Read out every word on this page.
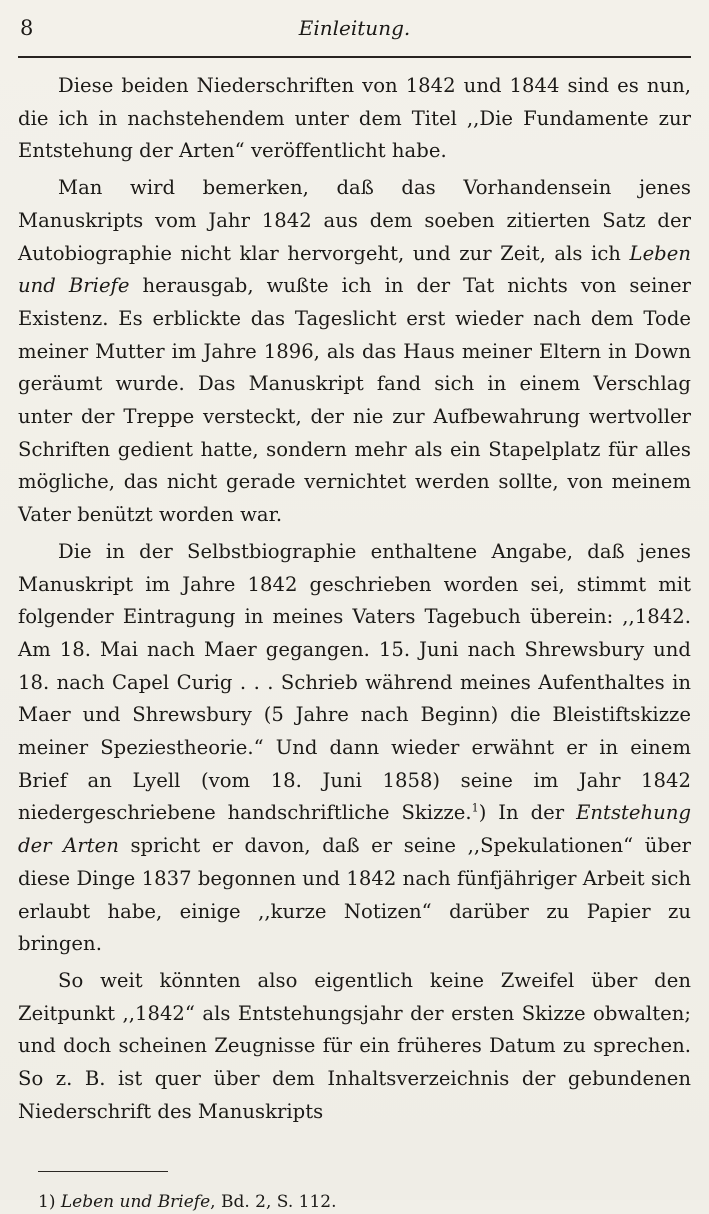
8	Einleitung.

Diese beiden Niederschriften von 1842 und 1844 sind es nun, die ich in nachstehendem unter dem Titel ,,Die Fundamente zur Entstehung der Arten“ veröffentlicht habe.

Man wird bemerken, daß das Vorhandensein jenes Manuskripts vom Jahr 1842 aus dem soeben zitierten Satz der Autobiographie nicht klar hervorgeht, und zur Zeit, als ich Leben und Briefe herausgab, wußte ich in der Tat nichts von seiner Existenz. Es erblickte das Tageslicht erst wieder nach dem Tode meiner Mutter im Jahre 1896, als das Haus meiner Eltern in Down geräumt wurde. Das Manuskript fand sich in einem Verschlag unter der Treppe versteckt, der nie zur Aufbewahrung wertvoller Schriften gedient hatte, sondern mehr als ein Stapelplatz für alles mögliche, das nicht gerade vernichtet werden sollte, von meinem Vater benützt worden war.

Die in der Selbstbiographie enthaltene Angabe, daß jenes Manuskript im Jahre 1842 geschrieben worden sei, stimmt mit folgender Eintragung in meines Vaters Tagebuch überein: ,,1842. Am 18. Mai nach Maer gegangen. 15. Juni nach Shrewsbury und 18. nach Capel Curig . . . Schrieb während meines Aufenthaltes in Maer und Shrewsbury (5 Jahre nach Beginn) die Bleistiftskizze meiner Speziestheorie.“ Und dann wieder erwähnt er in einem Brief an Lyell (vom 18. Juni 1858) seine im Jahr 1842 niedergeschriebene handschriftliche Skizze.$^1$) In der Entstehung der Arten spricht er davon, daß er seine ,,Spekulationen“ über diese Dinge 1837 begonnen und 1842 nach fünfjähriger Arbeit sich erlaubt habe, einige ,,kurze Notizen“ darüber zu Papier zu bringen.

So weit könnten also eigentlich keine Zweifel über den Zeitpunkt ,,1842“ als Entstehungsjahr der ersten Skizze obwalten; und doch scheinen Zeugnisse für ein früheres Datum zu sprechen. So z. B. ist quer über dem Inhaltsverzeichnis der gebundenen Niederschrift des Manuskripts

1) Leben und Briefe, Bd. 2, S. 112.
